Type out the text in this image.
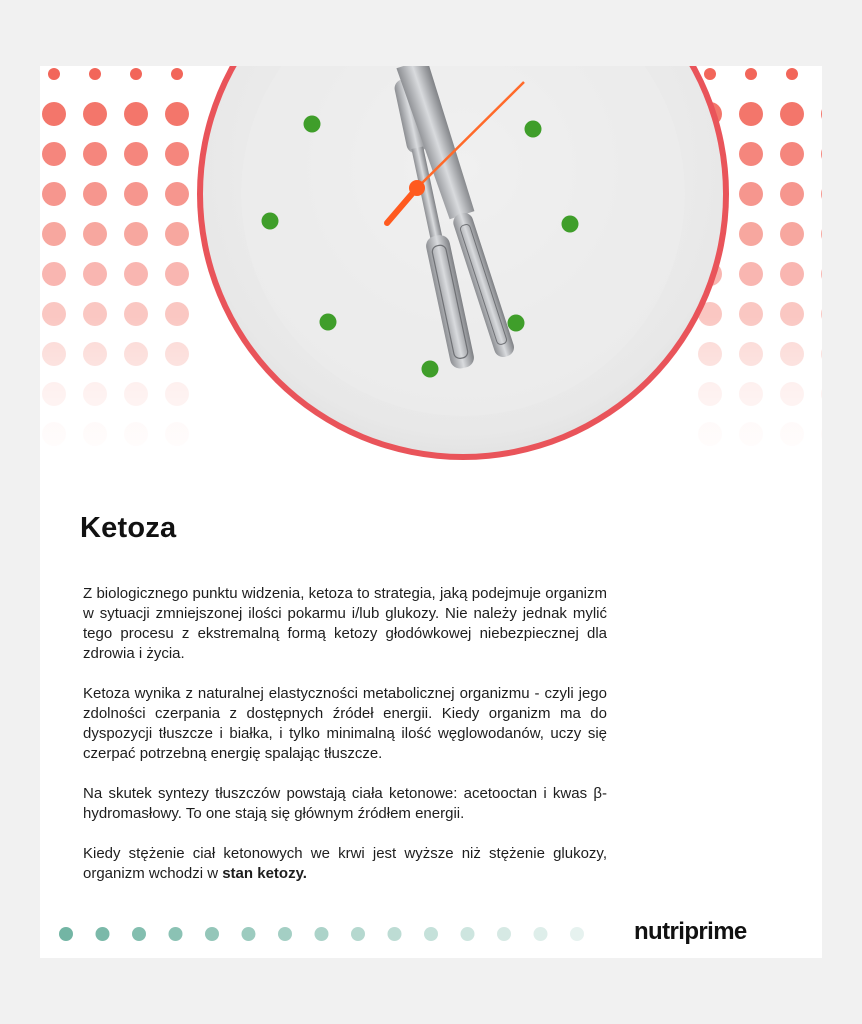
Ketoza

Z biologicznego punktu widzenia, ketoza to strategia, jaką podejmuje organizm w sytuacji zmniejszonej ilości pokarmu i/lub glukozy. Nie należy jednak mylić tego procesu z ekstremalną formą ketozy głodówkowej niebezpiecznej dla zdrowia i życia.

Ketoza wynika z naturalnej elastyczności metabolicznej organizmu - czyli jego zdolności czerpania z dostępnych źródeł energii. Kiedy organizm ma do dyspozycji tłuszcze i białka, i tylko minimalną ilość węglowodanów, uczy się czerpać potrzebną energię spalając tłuszcze.

Na skutek syntezy tłuszczów powstają ciała ketonowe: acetooctan i kwas β-hydromasłowy. To one stają się głównym źródłem energii.

Kiedy stężenie ciał ketonowych we krwi jest wyższe niż stężenie glukozy, organizm wchodzi w stan ketozy.

nutriprime
